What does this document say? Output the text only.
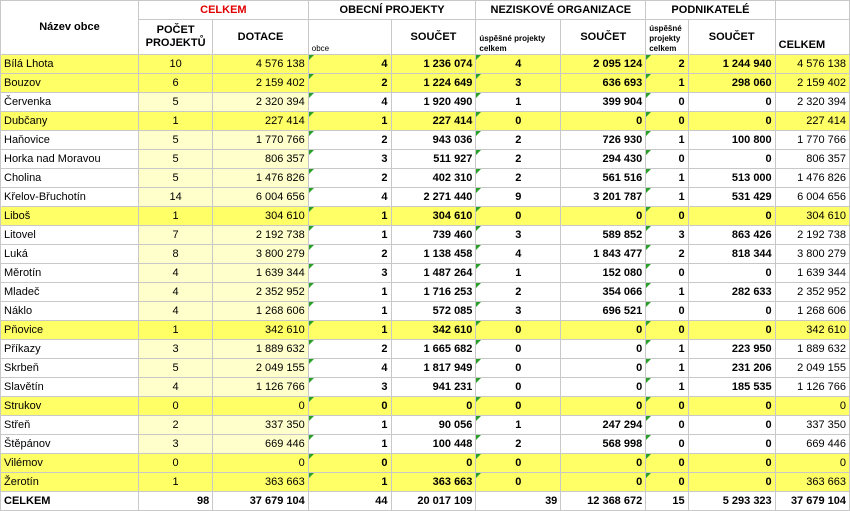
Název obce	CELKEM		OBECNÍ PROJEKTY		NEZISKOVÉ ORGANIZACE		PODNIKATELÉ		
	POČET PROJEKTŮ	DOTACE	obce	SOUČET	úspěšné projekty celkem	SOUČET	úspěšné projekty celkem	SOUČET	CELKEM
Bílá Lhota	10	4 576 138	4	1 236 074	4	2 095 124	2	1 244 940	4 576 138
Bouzov	6	2 159 402	2	1 224 649	3	636 693	1	298 060	2 159 402
Červenka	5	2 320 394	4	1 920 490	1	399 904	0	0	2 320 394
Dubčany	1	227 414	1	227 414	0	0	0	0	227 414
Haňovice	5	1 770 766	2	943 036	2	726 930	1	100 800	1 770 766
Horka nad Moravou	5	806 357	3	511 927	2	294 430	0	0	806 357
Cholina	5	1 476 826	2	402 310	2	561 516	1	513 000	1 476 826
Křelov-Břuchotín	14	6 004 656	4	2 271 440	9	3 201 787	1	531 429	6 004 656
Liboš	1	304 610	1	304 610	0	0	0	0	304 610
Litovel	7	2 192 738	1	739 460	3	589 852	3	863 426	2 192 738
Luká	8	3 800 279	2	1 138 458	4	1 843 477	2	818 344	3 800 279
Měrotín	4	1 639 344	3	1 487 264	1	152 080	0	0	1 639 344
Mladeč	4	2 352 952	1	1 716 253	2	354 066	1	282 633	2 352 952
Náklo	4	1 268 606	1	572 085	3	696 521	0	0	1 268 606
Pňovice	1	342 610	1	342 610	0	0	0	0	342 610
Příkazy	3	1 889 632	2	1 665 682	0	0	1	223 950	1 889 632
Skrbeň	5	2 049 155	4	1 817 949	0	0	1	231 206	2 049 155
Slavětín	4	1 126 766	3	941 231	0	0	1	185 535	1 126 766
Strukov	0	0	0	0	0	0	0	0	0
Střeň	2	337 350	1	90 056	1	247 294	0	0	337 350
Štěpánov	3	669 446	1	100 448	2	568 998	0	0	669 446
Vilémov	0	0	0	0	0	0	0	0	0
Žerotín	1	363 663	1	363 663	0	0	0	0	363 663
CELKEM	98	37 679 104	44	20 017 109	39	12 368 672	15	5 293 323	37 679 104
